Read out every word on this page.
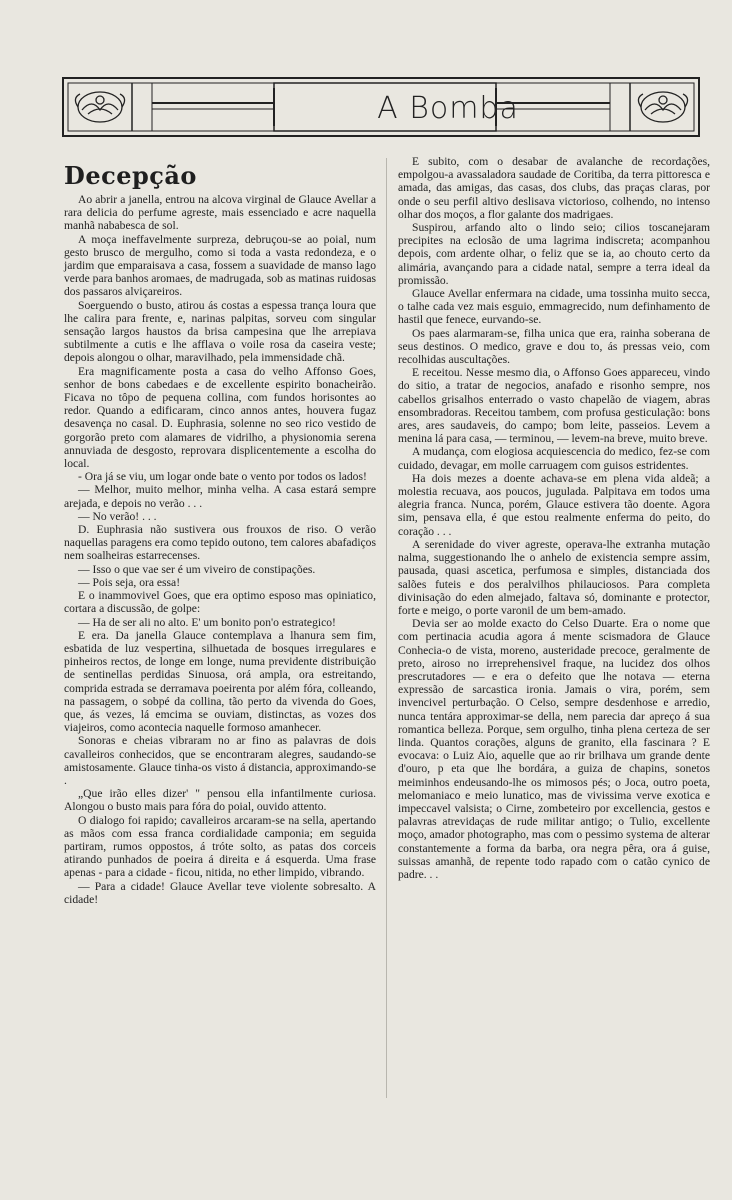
A Bomba
Decepção

Ao abrir a janella, entrou na alcova virginal de Glauce Avellar a rara delicia do perfume agreste, mais essenciado e acre naquella manhã nababesca de sol.

A moça ineffavelmente surpreza, debruçou-se ao poial, num gesto brusco de mergulho, como si toda a vasta redondeza, e o jardim que emparaisava a casa, fossem a suavidade de manso lago verde para banhos aromaes, de madrugada, sob as matinas ruidosas dos passaros alviçareiros.

Soerguendo o busto, atirou ás costas a espessa trança loura que lhe calira para frente, e, narinas palpitas, sorveu com singular sensação largos haustos da brisa campesina que lhe arrepiava subtilmente a cutis e lhe afflava o voile rosa da caseira veste; depois alongou o olhar, maravilhado, pela immensidade chã.

Era magnificamente posta a casa do velho Affonso Goes, senhor de bons cabedaes e de excellente espirito bonacheirão. Ficava no tôpo de pequena collina, com fundos horisontes ao redor. Quando a edificaram, cinco annos antes, houvera fugaz desavença no casal. D. Euphrasia, solenne no seo rico vestido de gorgorão preto com alamares de vidrilho, a physionomia serena annuviada de desgosto, reprovara displicentemente a escolha do local.

- Ora já se viu, um logar onde bate o vento por todos os lados!

— Melhor, muito melhor, minha velha. A casa estará sempre arejada, e depois no verão . . .

— No verão! . . .

D. Euphrasia não sustivera ous frouxos de riso. O verão naquellas paragens era como tepido outono, tem calores abafadiços nem soalheiras estarrecenses.

— Isso o que vae ser é um viveiro de constipações.

— Pois seja, ora essa!

E o inammovivel Goes, que era optimo esposo mas opiniatico, cortara a discussão, de golpe:

— Ha de ser ali no alto. E' um bonito pon'o estrategico!

E era. Da janella Glauce contemplava a lhanura sem fim, esbatida de luz vespertina, silhuetada de bosques irregulares e pinheiros rectos, de longe em longe, numa previdente distribuição de sentinellas perdidas Sinuosa, orá ampla, ora estreitando, comprida estrada se derramava poeirenta por além fóra, colleando, na passagem, o sobpé da collina, tão perto da vivenda do Goes, que, ás vezes, lá emcima se ouviam, distinctas, as vozes dos viajeiros, como acontecia naquelle formoso amanhecer.

Sonoras e cheias vibraram no ar fino as palavras de dois cavalleiros conhecidos, que se encontraram alegres, saudando-se amistosamente. Glauce tinha-os visto á distancia, approximando-se .

„Que irão elles dizer' " pensou ella infantilmente curiosa. Alongou o busto mais para fóra do poial, ouvido attento.

O dialogo foi rapido; cavalleiros arcaram-se na sella, apertando as mãos com essa franca cordialidade camponia; em seguida partiram, rumos oppostos, á tróte solto, as patas dos corceis atirando punhados de poeira á direita e á esquerda. Uma frase apenas - para a cidade - ficou, nitida, no ether limpido, vibrando.

— Para a cidade! Glauce Avellar teve violente sobresalto. A cidade!

E subito, com o desabar de avalanche de recordações, empolgou-a avassaladora saudade de Coritiba, da terra pittoresca e amada, das amigas, das casas, dos clubs, das praças claras, por onde o seu perfil altivo deslisava victorioso, colhendo, no intenso olhar dos moços, a flor galante dos madrigaes.

Suspirou, arfando alto o lindo seio; cilios toscanejaram precipites na eclosão de uma lagrima indiscreta; acompanhou depois, com ardente olhar, o feliz que se ia, ao chouto certo da alimária, avançando para a cidade natal, sempre a terra ideal da promissão.

Glauce Avellar enfermara na cidade, uma tossinha muito secca, o talhe cada vez mais esguio, emmagrecido, num definhamento de hastil que fenece, eurvando-se.

Os paes alarmaram-se, filha unica que era, rainha soberana de seus destinos. O medico, grave e dou to, ás pressas veio, com recolhidas auscultações.

E receitou. Nesse mesmo dia, o Affonso Goes appareceu, vindo do sitio, a tratar de negocios, anafado e risonho sempre, nos cabellos grisalhos enterrado o vasto chapelão de viagem, abras ensombradoras. Receitou tambem, com profusa gesticulação: bons ares, ares saudaveis, do campo; bom leite, passeios. Levem a menina lá para casa, — terminou, — levem-na breve, muito breve.

A mudança, com elogiosa acquiescencia do medico, fez-se com cuidado, devagar, em molle carruagem com guisos estridentes.

Ha dois mezes a doente achava-se em plena vida aldeã; a molestia recuava, aos poucos, jugulada. Palpitava em todos uma alegria franca. Nunca, porém, Glauce estivera tão doente. Agora sim, pensava ella, é que estou realmente enferma do peito, do coração . . .

A serenidade do viver agreste, operava-lhe extranha mutação nalma, suggestionando lhe o anhelo de existencia sempre assim, pausada, quasi ascetica, perfumosa e simples, distanciada dos salões futeis e dos peralvilhos philauciosos. Para completa divinisação do eden almejado, faltava só, dominante e protector, forte e meigo, o porte varonil de um bem-amado.

Devia ser ao molde exacto do Celso Duarte. Era o nome que com pertinacia acudia agora á mente scismadora de Glauce Conhecia-o de vista, moreno, austeridade precoce, geralmente de preto, airoso no irreprehensivel fraque, na lucidez dos olhos prescrutadores — e era o defeito que lhe notava — eterna expressão de sarcastica ironia. Jamais o vira, porém, sem invencivel perturbação. O Celso, sempre desdenhose e arredio, nunca tentára approximar-se della, nem parecia dar apreço á sua romantica belleza. Porque, sem orgulho, tinha plena certeza de ser linda. Quantos corações, alguns de granito, ella fascinara ? E evocava: o Luiz Aio, aquelle que ao rir brilhava um grande dente d'ouro, p eta que lhe bordára, a guiza de chapins, sonetos meiminhos endeusando-lhe os mimosos pés; o Joca, outro poeta, melomaniaco e meio lunatico, mas de vivissima verve exotica e impeccavel valsista; o Cirne, zombeteiro por excellencia, gestos e palavras atrevidaças de rude militar antigo; o Tulio, excellente moço, amador photographo, mas com o pessimo systema de alterar constantemente a forma da barba, ora negra pêra, ora á guise, suissas amanhã, de repente todo rapado com o catão cynico de padre. . .
